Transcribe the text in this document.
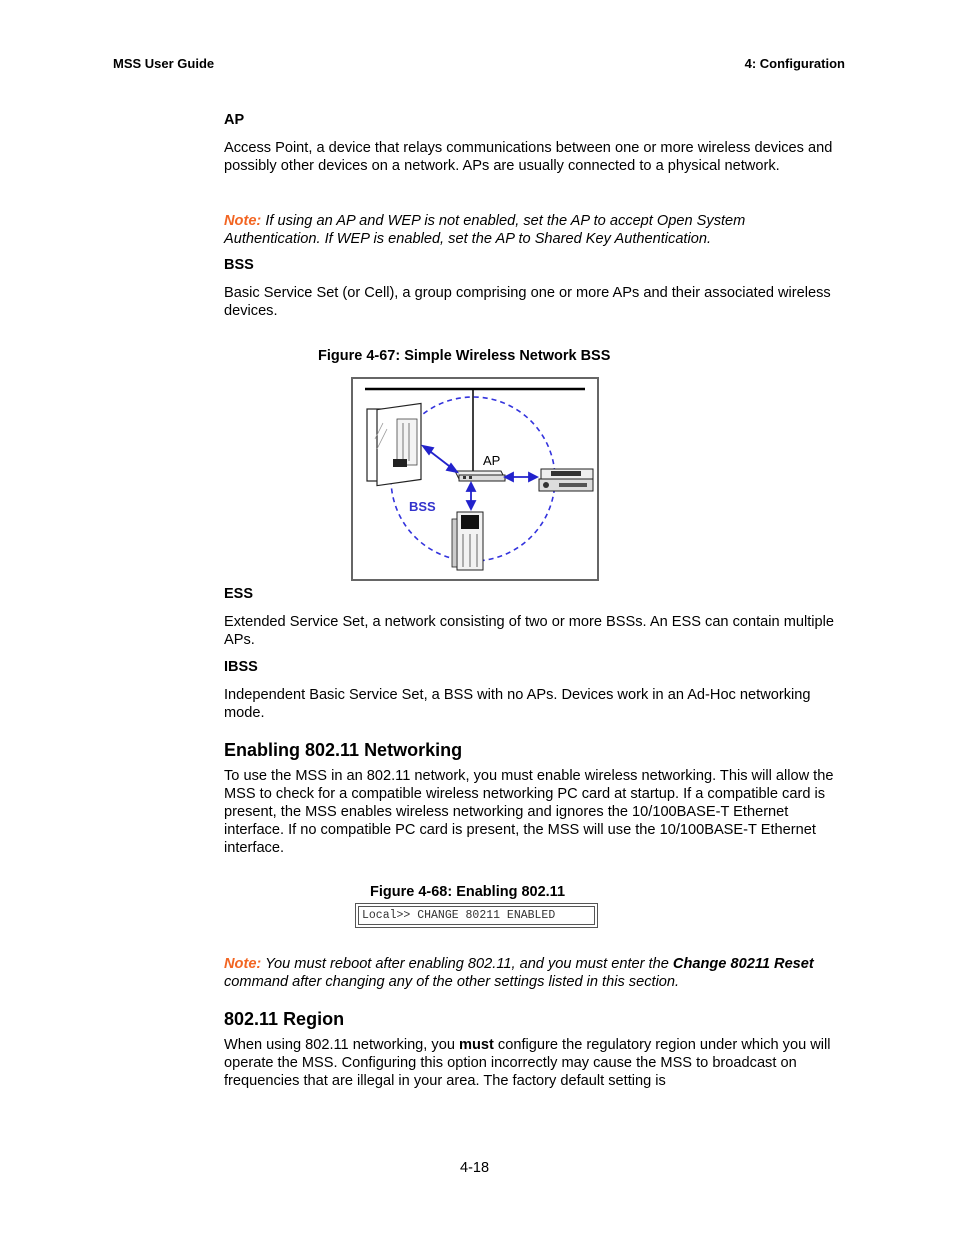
MSS User Guide	4: Configuration
AP

Access Point, a device that relays communications between one or more wireless devices and possibly other devices on a network. APs are usually connected to a physical network.

Note: If using an AP and WEP is not enabled, set the AP to accept Open System Authentication. If WEP is enabled, set the AP to Shared Key Authentication.

BSS

Basic Service Set (or Cell), a group comprising one or more APs and their associated wireless devices.

Figure 4-67: Simple Wireless Network BSS
AP
BSS
ESS

Extended Service Set, a network consisting of two or more BSSs. An ESS can contain multiple APs.

IBSS

Independent Basic Service Set, a BSS with no APs. Devices work in an Ad-Hoc networking mode.

Enabling 802.11 Networking

To use the MSS in an 802.11 network, you must enable wireless networking. This will allow the MSS to check for a compatible wireless networking PC card at startup. If a compatible card is present, the MSS enables wireless networking and ignores the 10/100BASE-T Ethernet interface. If no compatible PC card is present, the MSS will use the 10/100BASE-T Ethernet interface.

Figure 4-68: Enabling 802.11
Local>> CHANGE 80211 ENABLED

Note: You must reboot after enabling 802.11, and you must enter the Change 80211 Reset command after changing any of the other settings listed in this section.

802.11 Region

When using 802.11 networking, you must configure the regulatory region under which you will operate the MSS. Configuring this option incorrectly may cause the MSS to broadcast on frequencies that are illegal in your area. The factory default setting is

4-18
